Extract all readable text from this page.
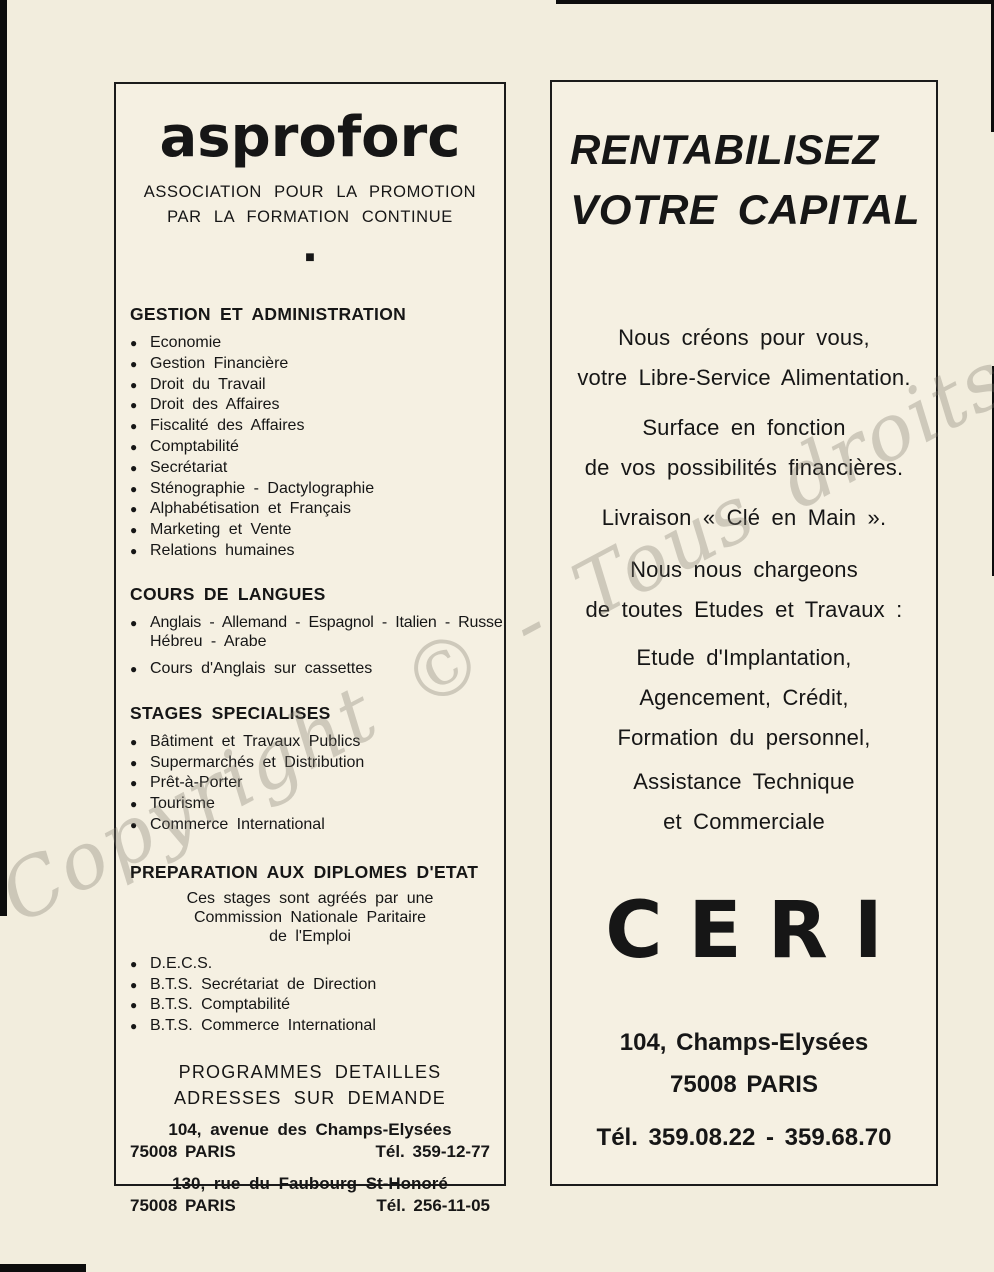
Copyright © - Tous droits
asproforc
ASSOCIATION POUR LA PROMOTION
PAR LA FORMATION CONTINUE
■
GESTION ET ADMINISTRATION
● Economie
● Gestion Financière
● Droit du Travail
● Droit des Affaires
● Fiscalité des Affaires
● Comptabilité
● Secrétariat
● Sténographie - Dactylographie
● Alphabétisation et Français
● Marketing et Vente
● Relations humaines
COURS DE LANGUES
● Anglais - Allemand - Espagnol - Italien - Russe
Hébreu - Arabe
● Cours d'Anglais sur cassettes
STAGES SPECIALISES
● Bâtiment et Travaux Publics
● Supermarchés et Distribution
● Prêt-à-Porter
● Tourisme
● Commerce International
PREPARATION AUX DIPLOMES D'ETAT
Ces stages sont agréés par une
Commission Nationale Paritaire
de l'Emploi
● D.E.C.S.
● B.T.S. Secrétariat de Direction
● B.T.S. Comptabilité
● B.T.S. Commerce International
PROGRAMMES DETAILLES
ADRESSES SUR DEMANDE
104, avenue des Champs-Elysées
75008 PARIS	Tél. 359-12-77
130, rue du Faubourg St-Honoré
75008 PARIS	Tél. 256-11-05
RENTABILISEZ
VOTRE CAPITAL

Nous créons pour vous,
votre Libre-Service Alimentation.

Surface en fonction
de vos possibilités financières.

Livraison « Clé en Main ».

Nous nous chargeons
de toutes Etudes et Travaux :

Etude d'Implantation,
Agencement, Crédit,
Formation du personnel,

Assistance Technique
et Commerciale

CERI
104, Champs-Elysées
75008 PARIS
Tél. 359.08.22 - 359.68.70
